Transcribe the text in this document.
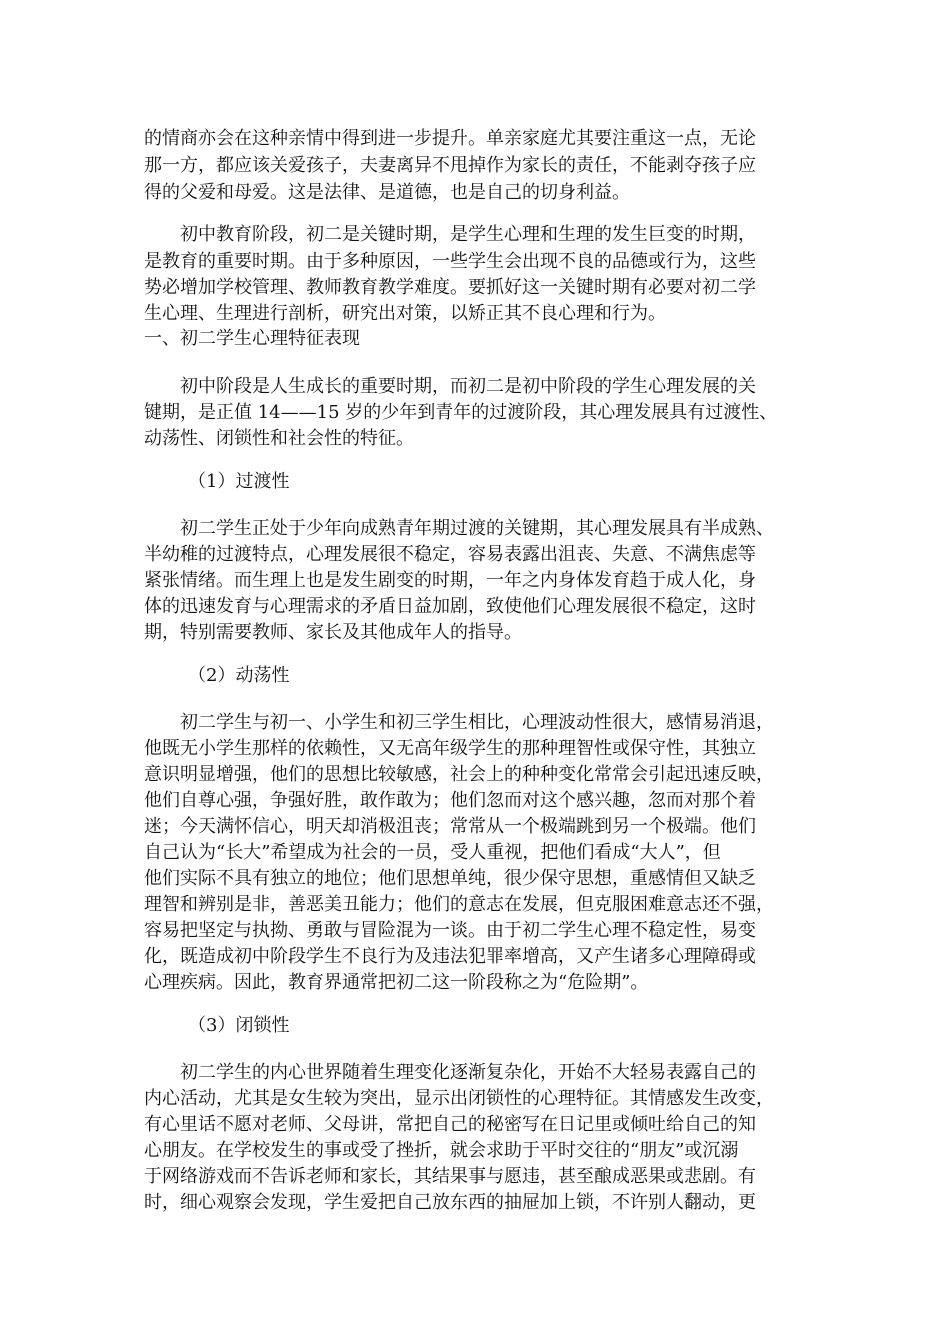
的情商亦会在这种亲情中得到进一步提升。单亲家庭尤其要注重这一点，无论
那一方，都应该关爱孩子，夫妻离异不甩掉作为家长的责任，不能剥夺孩子应
得的父爱和母爱。这是法律、是道德，也是自己的切身利益。
初中教育阶段，初二是关键时期，是学生心理和生理的发生巨变的时期，
是教育的重要时期。由于多种原因，一些学生会出现不良的品德或行为，这些
势必增加学校管理、教师教育教学难度。要抓好这一关键时期有必要对初二学
生心理、生理进行剖析，研究出对策，以矫正其不良心理和行为。
一、初二学生心理特征表现
初中阶段是人生成长的重要时期，而初二是初中阶段的学生心理发展的关
键期，是正值 14——15 岁的少年到青年的过渡阶段，其心理发展具有过渡性、
动荡性、闭锁性和社会性的特征。
（1）过渡性
初二学生正处于少年向成熟青年期过渡的关键期，其心理发展具有半成熟、
半幼稚的过渡特点，心理发展很不稳定，容易表露出沮丧、失意、不满焦虑等
紧张情绪。而生理上也是发生剧变的时期，一年之内身体发育趋于成人化，身
体的迅速发育与心理需求的矛盾日益加剧，致使他们心理发展很不稳定，这时
期，特别需要教师、家长及其他成年人的指导。
（2）动荡性
初二学生与初一、小学生和初三学生相比，心理波动性很大，感情易消退，
他既无小学生那样的依赖性，又无高年级学生的那种理智性或保守性，其独立
意识明显增强，他们的思想比较敏感，社会上的种种变化常常会引起迅速反映，
他们自尊心强，争强好胜，敢作敢为；他们忽而对这个感兴趣，忽而对那个着
迷；今天满怀信心，明天却消极沮丧；常常从一个极端跳到另一个极端。他们
自己认为“长大”希望成为社会的一员，受人重视，把他们看成“大人”，但
他们实际不具有独立的地位；他们思想单纯，很少保守思想，重感情但又缺乏
理智和辨别是非，善恶美丑能力；他们的意志在发展，但克服困难意志还不强，
容易把坚定与执拗、勇敢与冒险混为一谈。由于初二学生心理不稳定性，易变
化，既造成初中阶段学生不良行为及违法犯罪率增高，又产生诸多心理障碍或
心理疾病。因此，教育界通常把初二这一阶段称之为“危险期”。
（3）闭锁性
初二学生的内心世界随着生理变化逐渐复杂化，开始不大轻易表露自己的
内心活动，尤其是女生较为突出，显示出闭锁性的心理特征。其情感发生改变，
有心里话不愿对老师、父母讲，常把自己的秘密写在日记里或倾吐给自己的知
心朋友。在学校发生的事或受了挫折，就会求助于平时交往的“朋友”或沉溺
于网络游戏而不告诉老师和家长，其结果事与愿违，甚至酿成恶果或悲剧。有
时，细心观察会发现，学生爱把自己放东西的抽屉加上锁，不许别人翻动，更
